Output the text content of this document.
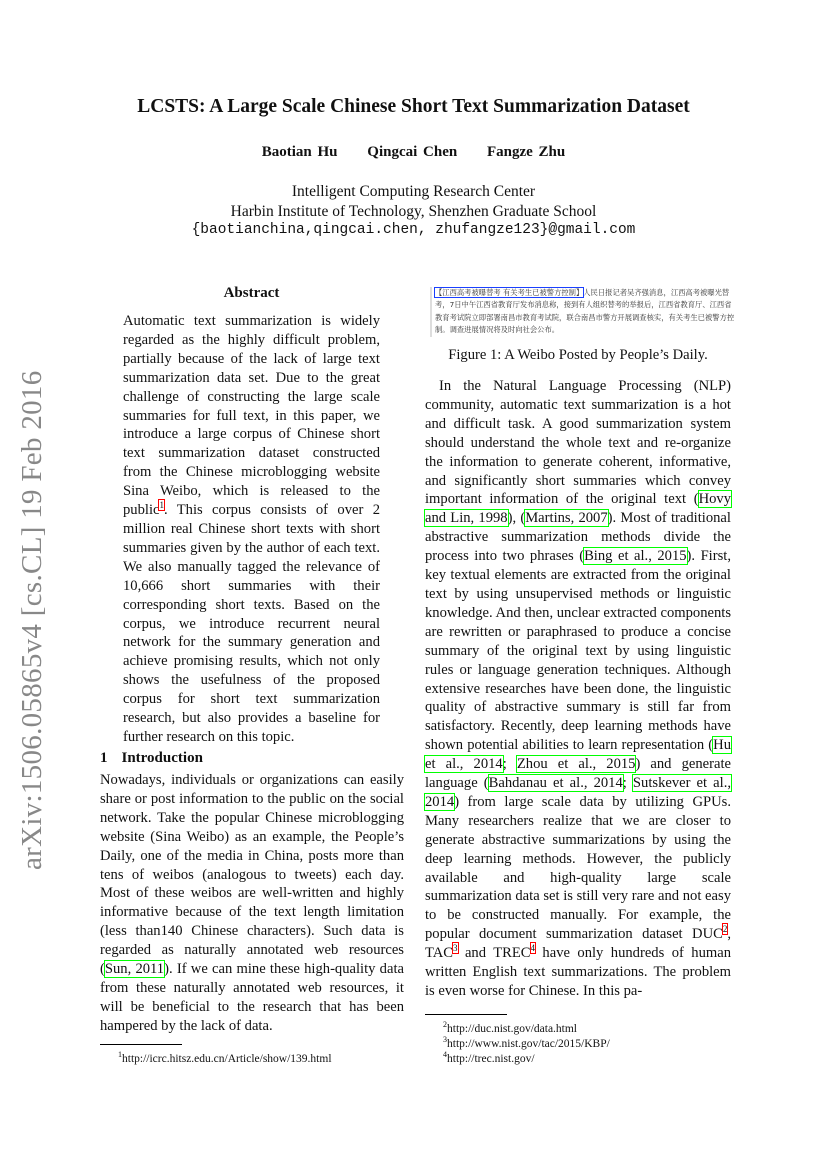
arXiv:1506.05865v4 [cs.CL] 19 Feb 2016
LCSTS: A Large Scale Chinese Short Text Summarization Dataset
Baotian Hu Qingcai Chen Fangze Zhu
Intelligent Computing Research Center
Harbin Institute of Technology, Shenzhen Graduate School
{baotianchina,qingcai.chen, zhufangze123}@gmail.com
Abstract
Automatic text summarization is widely regarded as the highly difficult problem, partially because of the lack of large text summarization data set. Due to the great challenge of constructing the large scale summaries for full text, in this paper, we introduce a large corpus of Chinese short text summarization dataset constructed from the Chinese microblogging website Sina Weibo, which is released to the public$^1$. This corpus consists of over 2 million real Chinese short texts with short summaries given by the author of each text. We also manually tagged the relevance of 10,666 short summaries with their corresponding short texts. Based on the corpus, we introduce recurrent neural network for the summary generation and achieve promising results, which not only shows the usefulness of the proposed corpus for short text summarization research, but also provides a baseline for further research on this topic.
1 Introduction
Nowadays, individuals or organizations can easily share or post information to the public on the social network. Take the popular Chinese microblogging website (Sina Weibo) as an example, the People’s Daily, one of the media in China, posts more than tens of weibos (analogous to tweets) each day. Most of these weibos are well-written and highly informative because of the text length limitation (less than140 Chinese characters). Such data is regarded as naturally annotated web resources (Sun, 2011). If we can mine these high-quality data from these naturally annotated web resources, it will be beneficial to the research that has been hampered by the lack of data.
$^1$http://icrc.hitsz.edu.cn/Article/show/139.html
【江西高考被曝替考 有关考生已被警方控制】人民日报记者吴齐强消息，江西高考被曝光替考，7日中午江西省教育厅发布消息称，接到有人组织替考的举报后，江西省教育厅、江西省教育考试院立即部署南昌市教育考试院，联合南昌市警方开展调查核实，有关考生已被警方控制。调查进展情况将及时向社会公布。
Figure 1: A Weibo Posted by People’s Daily.
In the Natural Language Processing (NLP) community, automatic text summarization is a hot and difficult task. A good summarization system should understand the whole text and re-organize the information to generate coherent, informative, and significantly short summaries which convey important information of the original text (Hovy and Lin, 1998), (Martins, 2007). Most of traditional abstractive summarization methods divide the process into two phrases (Bing et al., 2015). First, key textual elements are extracted from the original text by using unsupervised methods or linguistic knowledge. And then, unclear extracted components are rewritten or paraphrased to produce a concise summary of the original text by using linguistic rules or language generation techniques. Although extensive researches have been done, the linguistic quality of abstractive summary is still far from satisfactory. Recently, deep learning methods have shown potential abilities to learn representation (Hu et al., 2014; Zhou et al., 2015) and generate language (Bahdanau et al., 2014; Sutskever et al., 2014) from large scale data by utilizing GPUs. Many researchers realize that we are closer to generate abstractive summarizations by using the deep learning methods. However, the publicly available and high-quality large scale summarization data set is still very rare and not easy to be constructed manually. For example, the popular document summarization dataset DUC$^2$, TAC$^3$ and TREC$^4$ have only hundreds of human written English text summarizations. The problem is even worse for Chinese. In this pa-
$^2$http://duc.nist.gov/data.html
$^3$http://www.nist.gov/tac/2015/KBP/
$^4$http://trec.nist.gov/
